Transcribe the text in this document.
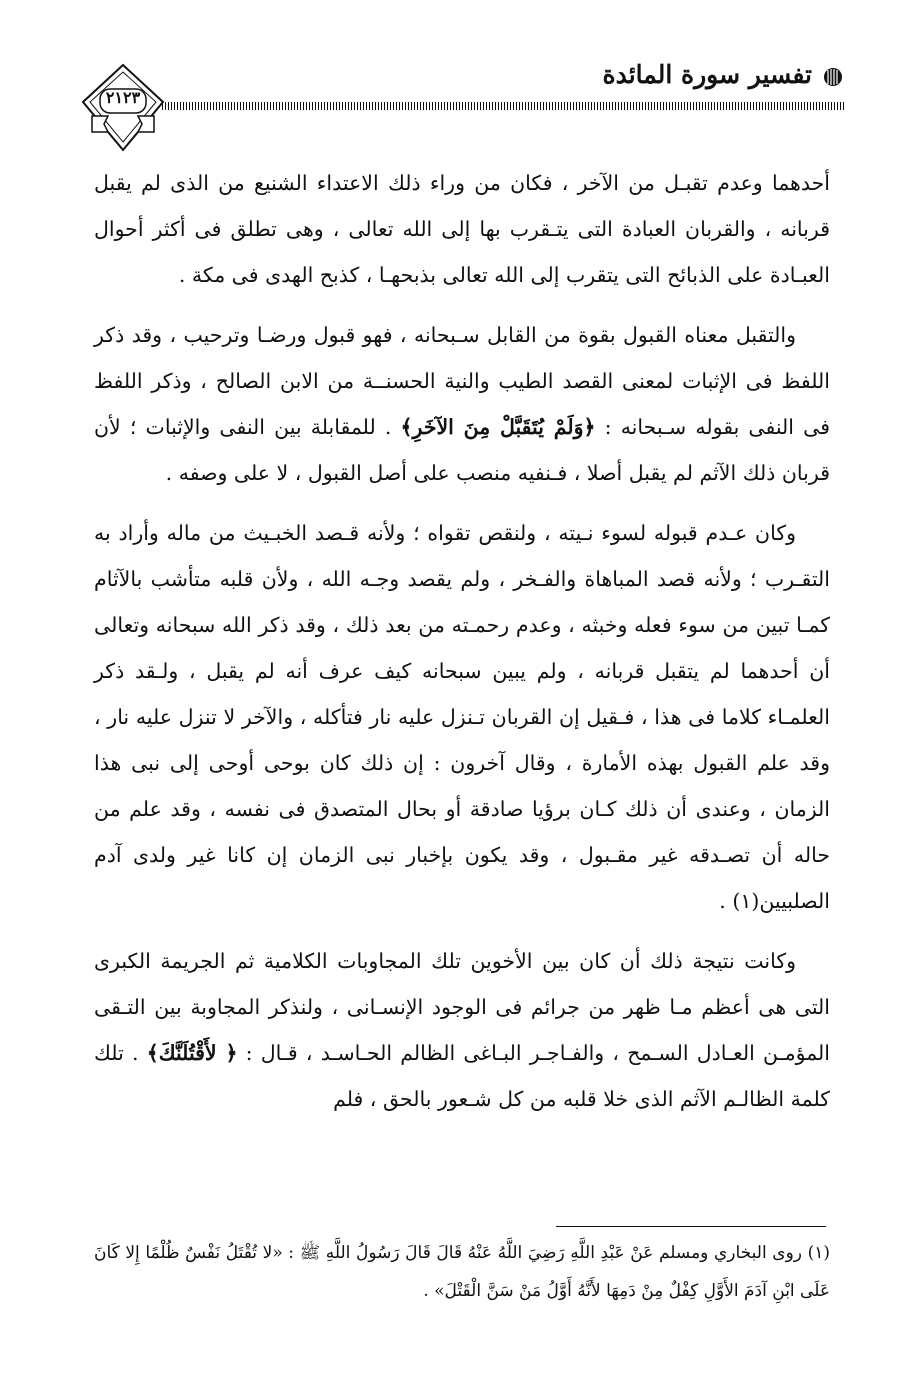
تفسير سورة المائدة
٢١٢٣

أحدهما وعدم تقبـل من الآخر ، فكان من وراء ذلك الاعتداء الشنيع من الذى لم يقبل قربانه ، والقربان العبادة التى يتـقرب بها إلى الله تعالى ، وهى تطلق فى أكثر أحوال العبـادة على الذبائح التى يتقرب إلى الله تعالى بذبحهـا ، كذبح الهدى فى مكة .

والتقبل معناه القبول بقوة من القابل سـبحانه ، فهو قبول ورضـا وترحيب ، وقد ذكر اللفظ فى الإثبات لمعنى القصد الطيب والنية الحسنــة من الابن الصالح ، وذكر اللفظ فى النفى بقوله سـبحانه : ﴿وَلَمْ يُتَقَبَّلْ مِنَ الآخَرِ﴾ . للمقابلة بين النفى والإثبات ؛ لأن قربان ذلك الآثم لم يقبل أصلا ، فـنفيه منصب على أصل القبول ، لا على وصفه .

وكان عـدم قبوله لسوء نـيته ، ولنقص تقواه ؛ ولأنه قـصد الخبـيث من ماله وأراد به التقـرب ؛ ولأنه قصد المباهاة والفـخر ، ولم يقصد وجـه الله ، ولأن قلبه متأشب بالآثام كمـا تبين من سوء فعله وخبثه ، وعدم رحمـته من بعد ذلك ، وقد ذكر الله سبحانه وتعالى أن أحدهما لم يتقبل قربانه ، ولم يبين سبحانه كيف عرف أنه لم يقبل ، ولـقد ذكر العلمـاء كلاما فى هذا ، فـقيل إن القربان تـنزل عليه نار فتأكله ، والآخر لا تنزل عليه نار ، وقد علم القبول بهذه الأمارة ، وقال آخرون : إن ذلك كان بوحى أوحى إلى نبى هذا الزمان ، وعندى أن ذلك كـان برؤيا صادقة أو بحال المتصدق فى نفسه ، وقد علم من حاله أن تصـدقه غير مقـبول ، وقد يكون بإخبار نبى الزمان إن كانا غير ولدى آدم الصلبيين(١) .

وكانت نتيجة ذلك أن كان بين الأخوين تلك المجاوبات الكلامية ثم الجريمة الكبرى التى هى أعظم مـا ظهر من جرائم فى الوجود الإنسـانى ، ولنذكر المجاوبة بين التـقى المؤمـن العـادل السـمح ، والفـاجـر البـاغى الظالم الحـاسـد ، قـال : ﴿ لأَقْتُلَنَّكَ﴾ . تلك كلمة الظالـم الآثم الذى خلا قلبه من كل شـعور بالحق ، فلم

(١) روى البخاري ومسلم عَنْ عَبْدِ اللَّهِ رَضِيَ اللَّهُ عَنْهُ قَالَ قَالَ رَسُولُ اللَّهِ ﷺ : «لا تُقْتَلُ نَفْسٌ ظُلْمًا إِلا كَانَ عَلَى ابْنِ آدَمَ الأَوَّلِ كِفْلٌ مِنْ دَمِهَا لأَنَّهُ أَوَّلُ مَنْ سَنَّ الْقَتْلَ» .
